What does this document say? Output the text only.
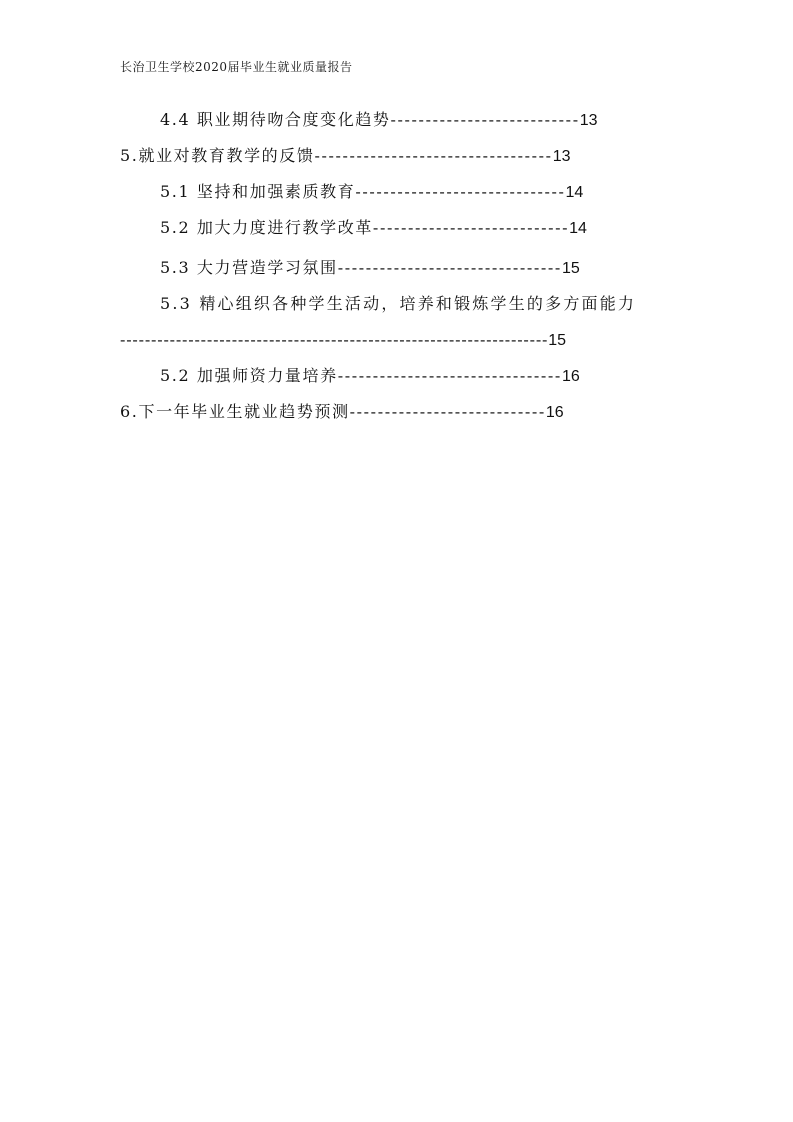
长治卫生学校2020届毕业生就业质量报告
4.4 职业期待吻合度变化趋势---------------------------13
5.就业对教育教学的反馈----------------------------------13
5.1 坚持和加强素质教育------------------------------14
5.2 加大力度进行教学改革----------------------------14
5.3 大力营造学习氛围--------------------------------15
5.3 精心组织各种学生活动，培养和锻炼学生的多方面能力
---------------------------------------------------------------------15
5.2 加强师资力量培养--------------------------------16
6.下一年毕业生就业趋势预测----------------------------16
